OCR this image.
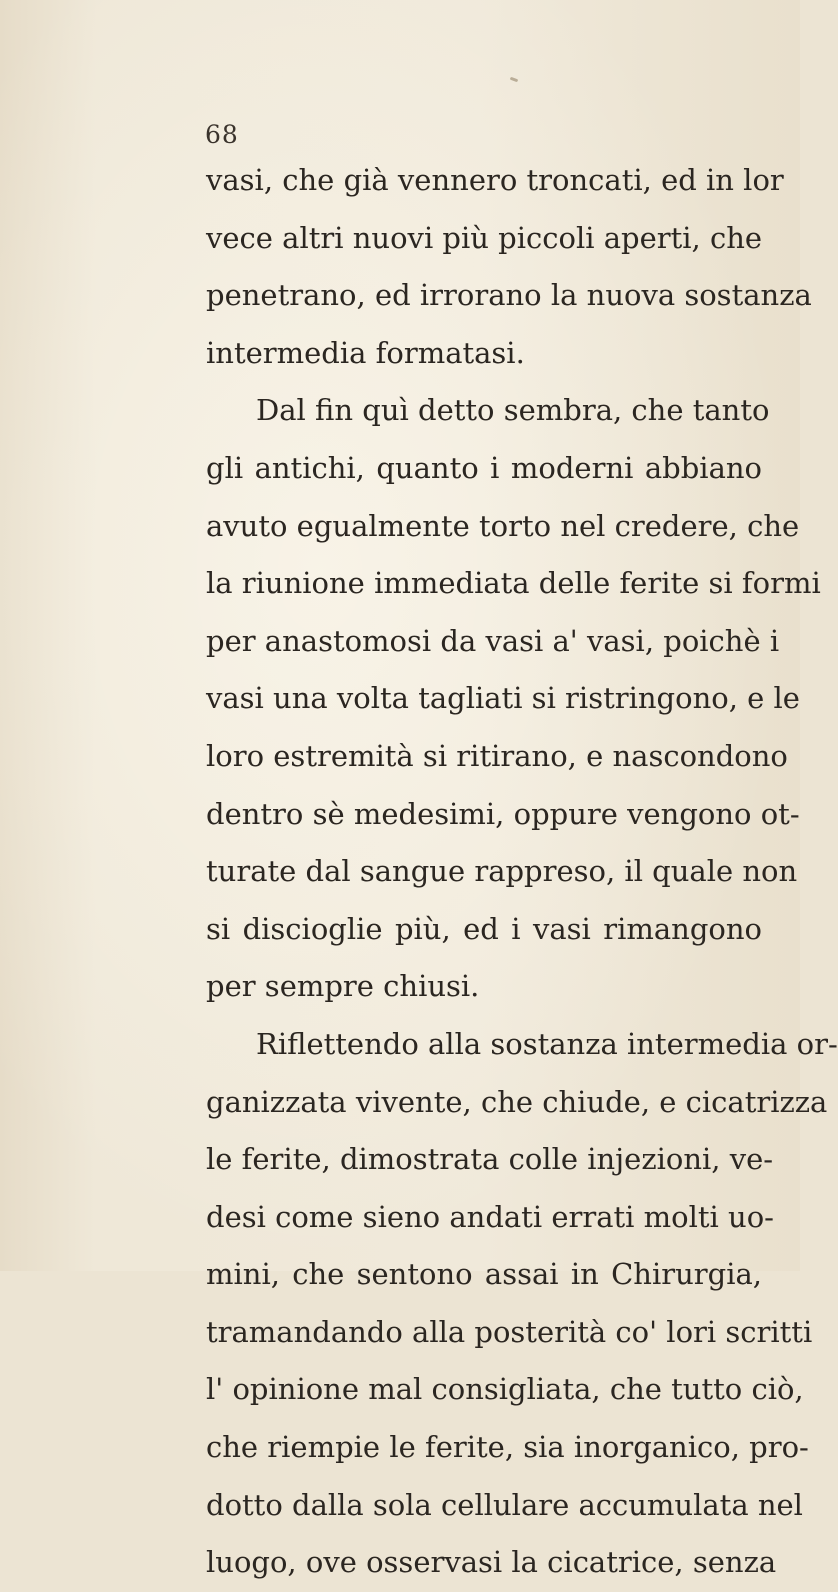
68
vasi, che già vennero troncati, ed in lor
vece altri nuovi più piccoli aperti, che
penetrano, ed irrorano la nuova sostanza
intermedia formatasi.
Dal fin quì detto sembra, che tanto
gli antichi, quanto i moderni abbiano
avuto egualmente torto nel credere, che
la riunione immediata delle ferite si formi
per anastomosi da vasi a' vasi, poichè i
vasi una volta tagliati si ristringono, e le
loro estremità si ritirano, e nascondono
dentro sè medesimi, oppure vengono ot-
turate dal sangue rappreso, il quale non
si discioglie più, ed i vasi rimangono
per sempre chiusi.
Riflettendo alla sostanza intermedia or-
ganizzata vivente, che chiude, e cicatrizza
le ferite, dimostrata colle injezioni, ve-
desi come sieno andati errati molti uo-
mini, che sentono assai in Chirurgia,
tramandando alla posterità co' lori scritti
l' opinione mal consigliata, che tutto ciò,
che riempie le ferite, sia inorganico, pro-
dotto dalla sola cellulare accumulata nel
luogo, ove osservasi la cicatrice, senza
